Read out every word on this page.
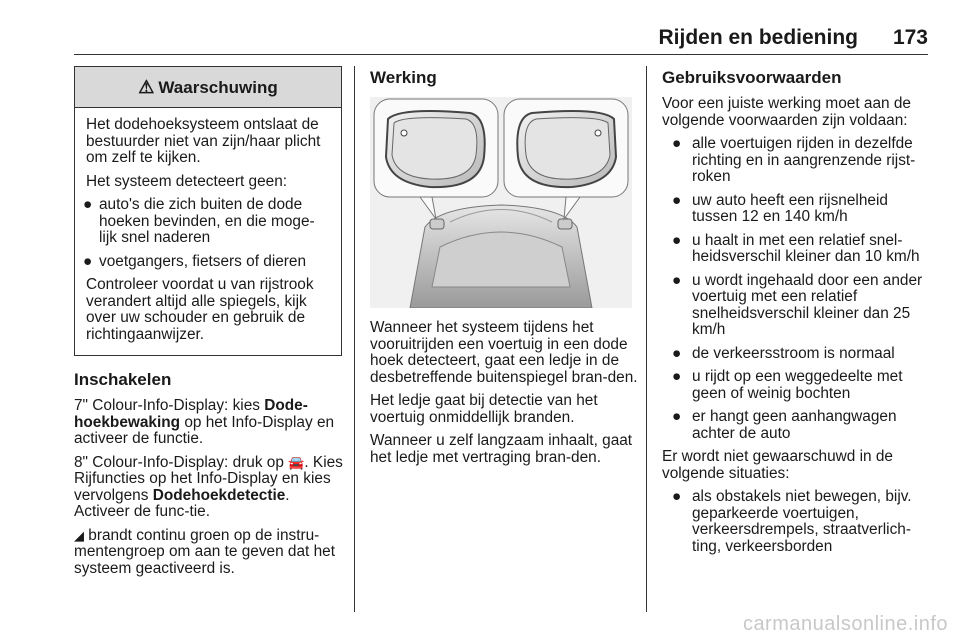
Rijden en bediening 173
⚠ Waarschuwing

Het dodehoeksysteem ontslaat de bestuurder niet van zijn/haar plicht om zelf te kijken.

Het systeem detecteert geen:

● auto's die zich buiten de dode hoeken bevinden, en die moge-lijk snel naderen
● voetgangers, fietsers of dieren

Controleer voordat u van rijstrook verandert altijd alle spiegels, kijk over uw schouder en gebruik de richtingaanwijzer.

Inschakelen

7" Colour-Info-Display: kies Dode-hoekbewaking op het Info-Display en activeer de functie.

8" Colour-Info-Display: druk op 🚘. Kies Rijfuncties op het Info-Display en kies vervolgens Dodehoekdetectie. Activeer de func-tie.

◢ brandt continu groen op de instru-mentengroep om aan te geven dat het systeem geactiveerd is.

Werking

Wanneer het systeem tijdens het vooruitrijden een voertuig in een dode hoek detecteert, gaat een ledje in de desbetreffende buitenspiegel bran-den.

Het ledje gaat bij detectie van het voertuig onmiddellijk branden.

Wanneer u zelf langzaam inhaalt, gaat het ledje met vertraging bran-den.

Gebruiksvoorwaarden

Voor een juiste werking moet aan de volgende voorwaarden zijn voldaan:

● alle voertuigen rijden in dezelfde richting en in aangrenzende rijst-roken
● uw auto heeft een rijsnelheid tussen 12 en 140 km/h
● u haalt in met een relatief snel-heidsverschil kleiner dan 10 km/h
● u wordt ingehaald door een ander voertuig met een relatief snelheidsverschil kleiner dan 25 km/h
● de verkeersstroom is normaal
● u rijdt op een weggedeelte met geen of weinig bochten
● er hangt geen aanhangwagen achter de auto

Er wordt niet gewaarschuwd in de volgende situaties:

● als obstakels niet bewegen, bijv. geparkeerde voertuigen, verkeersdrempels, straatverlich-ting, verkeersborden
carmanualsonline.info
